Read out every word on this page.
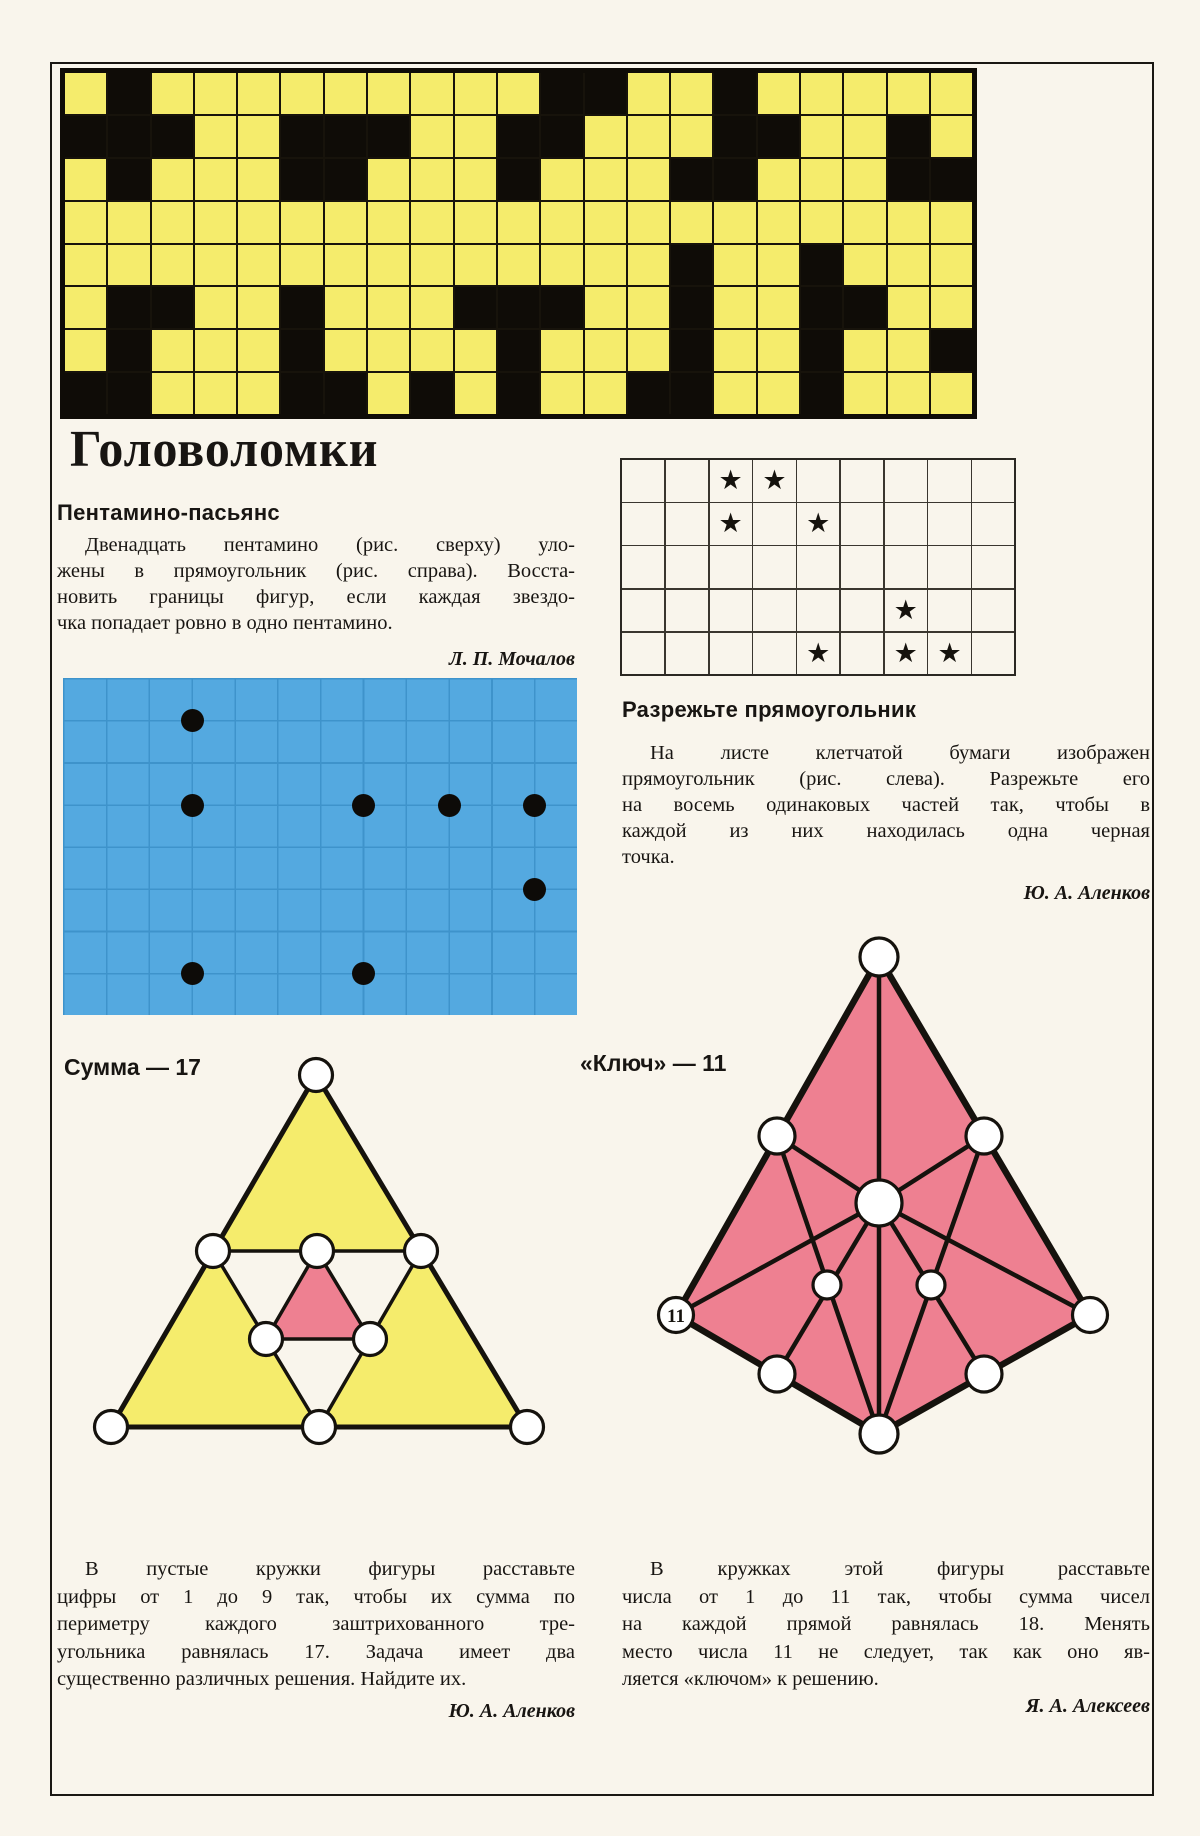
Головоломки
Пентамино-пасьянс
Двенадцать пентамино (рис. сверху) уло-
жены в прямоугольник (рис. справа). Восста-
новить границы фигур, если каждая звездо-
чка попадает ровно в одно пентамино.
Л. П. Мочалов
★ ★
★ ★
★
★ ★ ★
Разрежьте прямоугольник
На листе клетчатой бумаги изображен
прямоугольник (рис. слева). Разрежьте его
на восемь одинаковых частей так, чтобы в
каждой из них находилась одна черная
точка.
Ю. А. Аленков
Сумма — 17	«Ключ» — 11
11
В пустые кружки фигуры расставьте
цифры от 1 до 9 так, чтобы их сумма по
периметру каждого заштрихованного тре-
угольника равнялась 17. Задача имеет два
существенно различных решения. Найдите их.
Ю. А. Аленков
В кружках этой фигуры расставьте
числа от 1 до 11 так, чтобы сумма чисел
на каждой прямой равнялась 18. Менять
место числа 11 не следует, так как оно яв-
ляется «ключом» к решению.
Я. А. Алексеев
